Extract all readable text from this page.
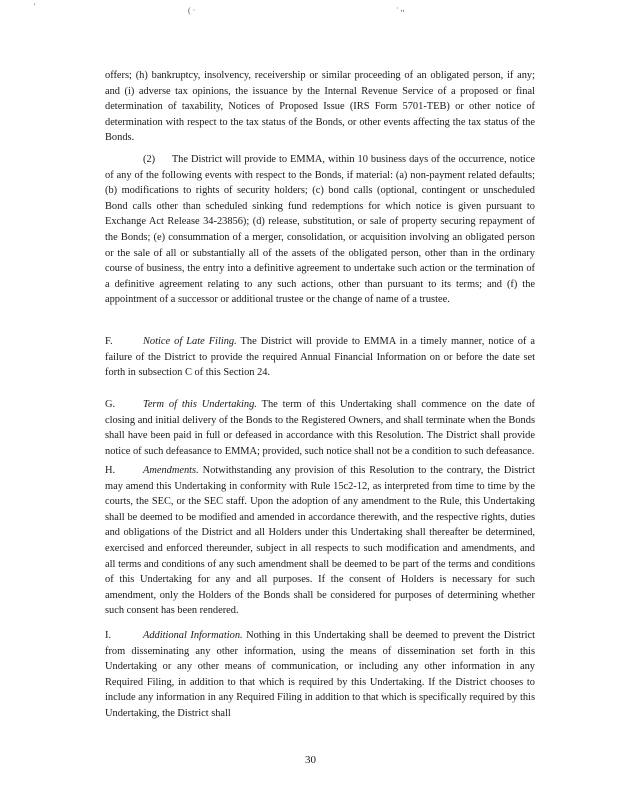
'	( ·	· ,,

offers; (h) bankruptcy, insolvency, receivership or similar proceeding of an obligated person, if any; and (i) adverse tax opinions, the issuance by the Internal Revenue Service of a proposed or final determination of taxability, Notices of Proposed Issue (IRS Form 5701-TEB) or other notice of determination with respect to the tax status of the Bonds, or other events affecting the tax status of the Bonds.

(2) The District will provide to EMMA, within 10 business days of the occurrence, notice of any of the following events with respect to the Bonds, if material: (a) non-payment related defaults; (b) modifications to rights of security holders; (c) bond calls (optional, contingent or unscheduled Bond calls other than scheduled sinking fund redemptions for which notice is given pursuant to Exchange Act Release 34-23856); (d) release, substitution, or sale of property securing repayment of the Bonds; (e) consummation of a merger, consolidation, or acquisition involving an obligated person or the sale of all or substantially all of the assets of the obligated person, other than in the ordinary course of business, the entry into a definitive agreement to undertake such action or the termination of a definitive agreement relating to any such actions, other than pursuant to its terms; and (f) the appointment of a successor or additional trustee or the change of name of a trustee.

F.	Notice of Late Filing. The District will provide to EMMA in a timely manner, notice of a failure of the District to provide the required Annual Financial Information on or before the date set forth in subsection C of this Section 24.

G.	Term of this Undertaking. The term of this Undertaking shall commence on the date of closing and initial delivery of the Bonds to the Registered Owners, and shall terminate when the Bonds shall have been paid in full or defeased in accordance with this Resolution. The District shall provide notice of such defeasance to EMMA; provided, such notice shall not be a condition to such defeasance.

H.	Amendments. Notwithstanding any provision of this Resolution to the contrary, the District may amend this Undertaking in conformity with Rule 15c2-12, as interpreted from time to time by the courts, the SEC, or the SEC staff. Upon the adoption of any amendment to the Rule, this Undertaking shall be deemed to be modified and amended in accordance therewith, and the respective rights, duties and obligations of the District and all Holders under this Undertaking shall thereafter be determined, exercised and enforced thereunder, subject in all respects to such modification and amendments, and all terms and conditions of any such amendment shall be deemed to be part of the terms and conditions of this Undertaking for any and all purposes. If the consent of Holders is necessary for such amendment, only the Holders of the Bonds shall be considered for purposes of determining whether such consent has been rendered.

I.	Additional Information. Nothing in this Undertaking shall be deemed to prevent the District from disseminating any other information, using the means of dissemination set forth in this Undertaking or any other means of communication, or including any other information in any Required Filing, in addition to that which is required by this Undertaking. If the District chooses to include any information in any Required Filing in addition to that which is specifically required by this Undertaking, the District shall

30
